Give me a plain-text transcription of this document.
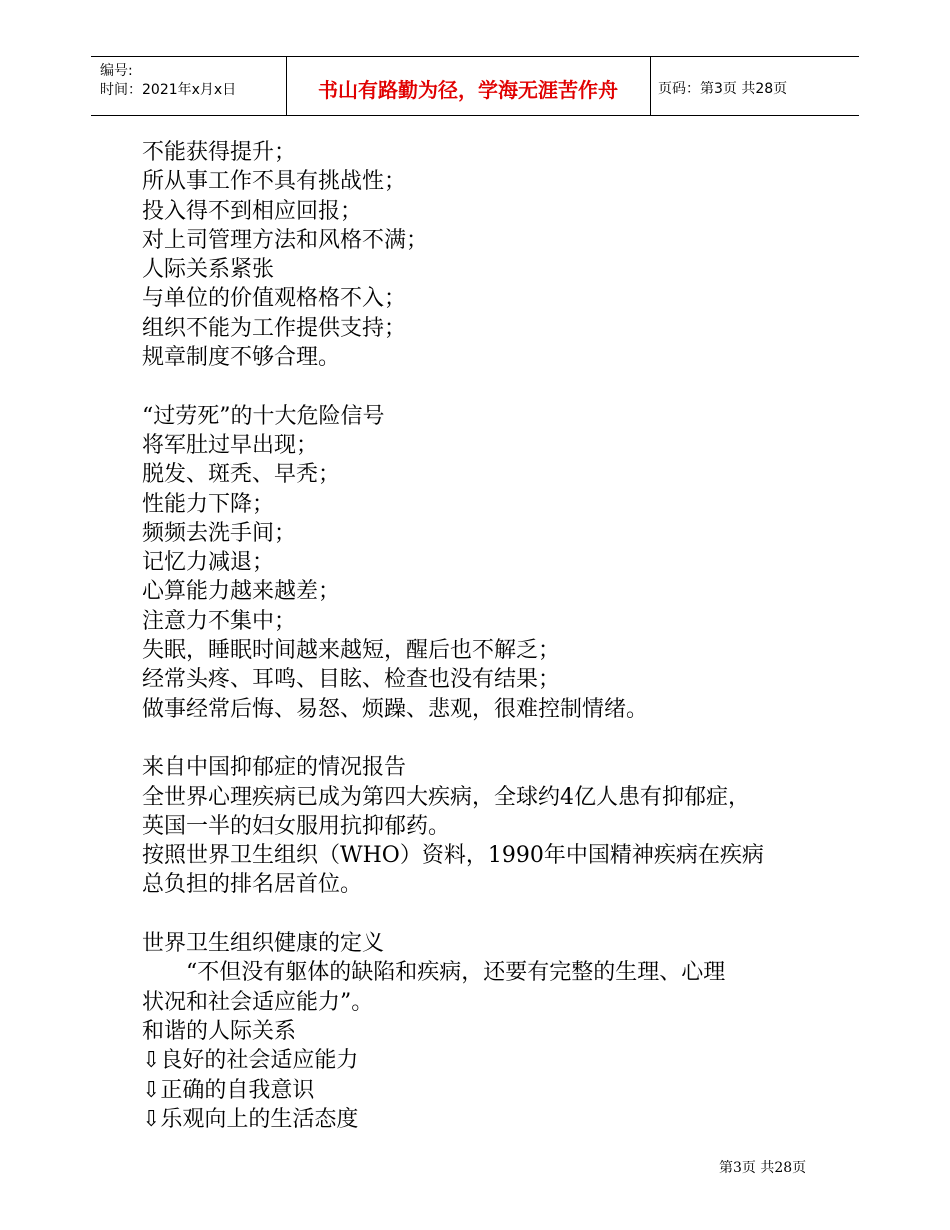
编号:
时间：2021年x月x日	书山有路勤为径，学海无涯苦作舟	页码：第3页 共28页
不能获得提升；
所从事工作不具有挑战性；
投入得不到相应回报；
对上司管理方法和风格不满；
人际关系紧张
与单位的价值观格格不入；
组织不能为工作提供支持；
规章制度不够合理。
“过劳死”的十大危险信号
将军肚过早出现；
脱发、斑秃、早秃；
性能力下降；
频频去洗手间；
记忆力减退；
心算能力越来越差；
注意力不集中；
失眠，睡眠时间越来越短，醒后也不解乏；
经常头疼、耳鸣、目眩、检查也没有结果；
做事经常后悔、易怒、烦躁、悲观，很难控制情绪。
来自中国抑郁症的情况报告
全世界心理疾病已成为第四大疾病，全球约4亿人患有抑郁症，
英国一半的妇女服用抗抑郁药。
按照世界卫生组织（WHO）资料，1990年中国精神疾病在疾病
总负担的排名居首位。
世界卫生组织健康的定义
“不但没有躯体的缺陷和疾病，还要有完整的生理、心理
状况和社会适应能力”。
和谐的人际关系
⇩良好的社会适应能力
⇩正确的自我意识
⇩乐观向上的生活态度
第3页 共28页
